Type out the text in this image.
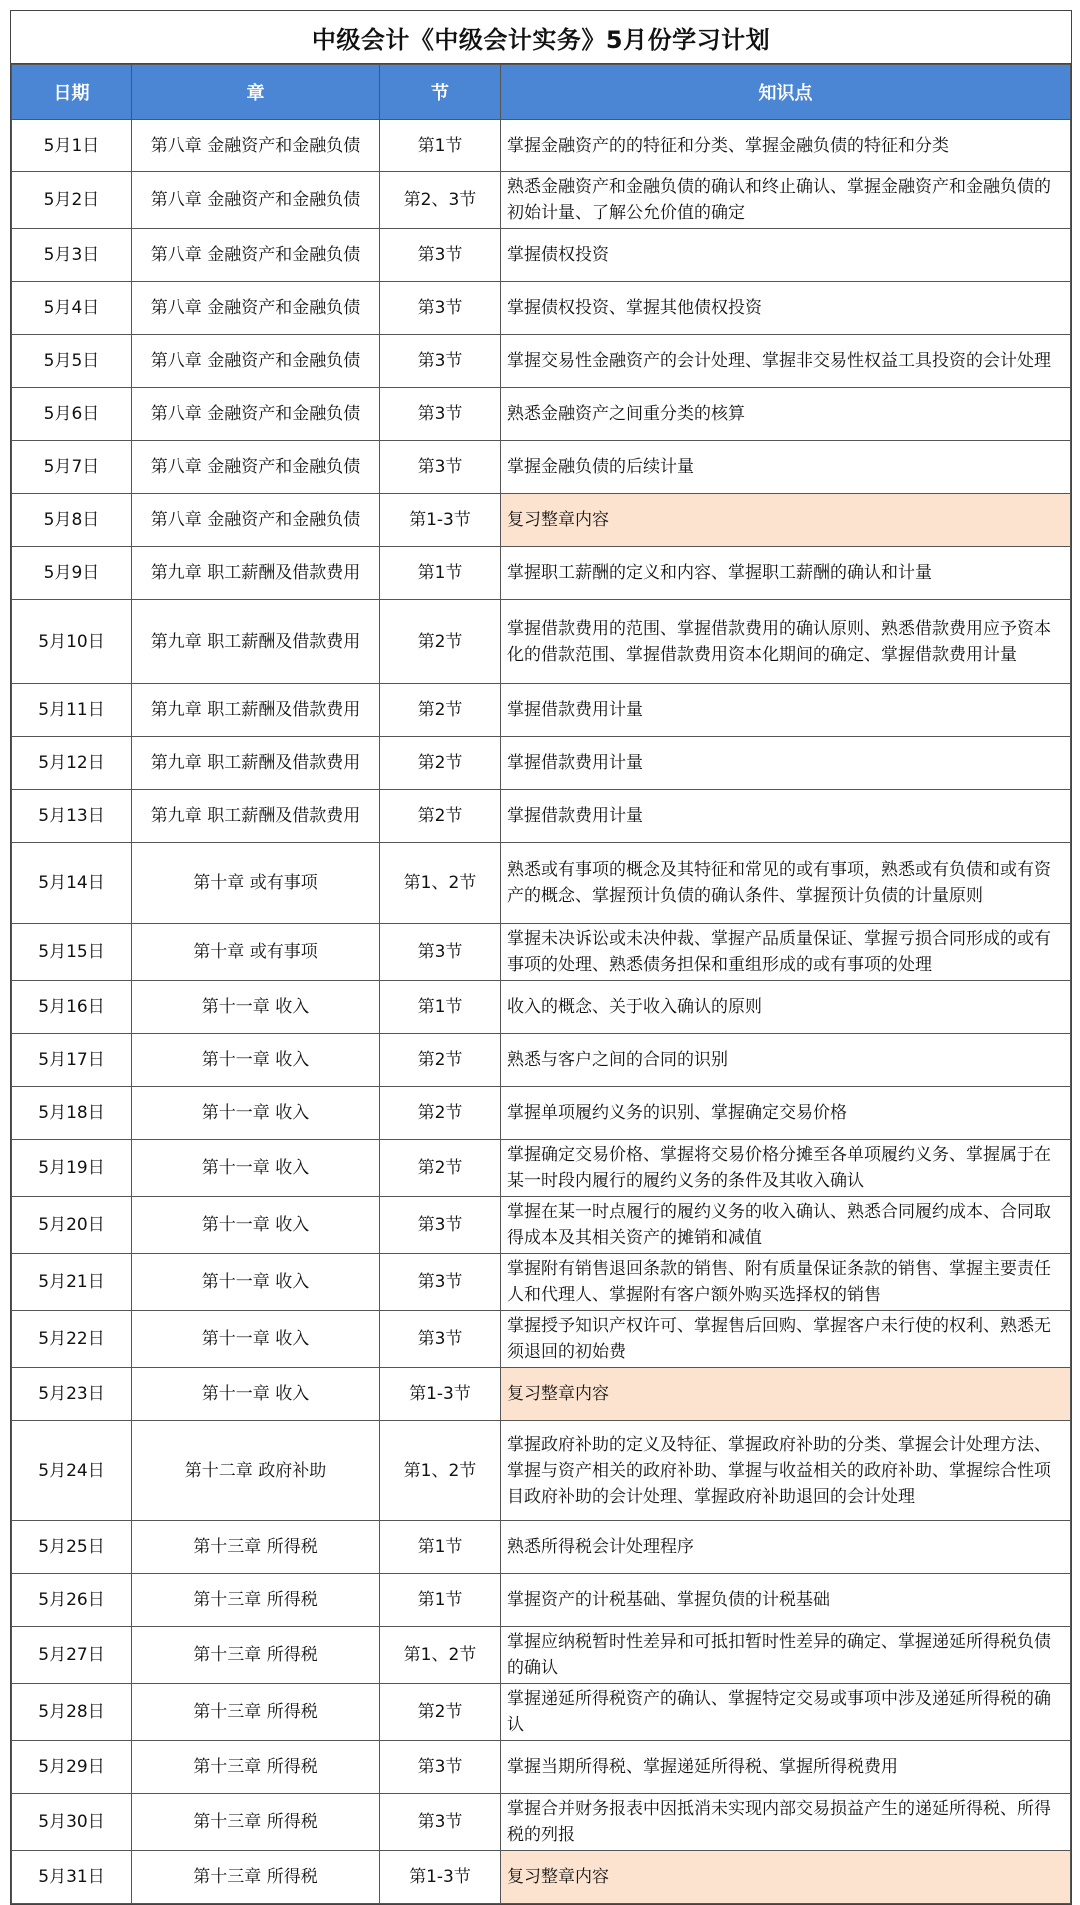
中级会计《中级会计实务》5月份学习计划
日期	章	节	知识点
5月1日	第八章 金融资产和金融负债	第1节	掌握金融资产的的特征和分类、掌握金融负债的特征和分类
5月2日	第八章 金融资产和金融负债	第2、3节	熟悉金融资产和金融负债的确认和终止确认、掌握金融资产和金融负债的初始计量、了解公允价值的确定
5月3日	第八章 金融资产和金融负债	第3节	掌握债权投资
5月4日	第八章 金融资产和金融负债	第3节	掌握债权投资、掌握其他债权投资
5月5日	第八章 金融资产和金融负债	第3节	掌握交易性金融资产的会计处理、掌握非交易性权益工具投资的会计处理
5月6日	第八章 金融资产和金融负债	第3节	熟悉金融资产之间重分类的核算
5月7日	第八章 金融资产和金融负债	第3节	掌握金融负债的后续计量
5月8日	第八章 金融资产和金融负债	第1-3节	复习整章内容
5月9日	第九章 职工薪酬及借款费用	第1节	掌握职工薪酬的定义和内容、掌握职工薪酬的确认和计量
5月10日	第九章 职工薪酬及借款费用	第2节	掌握借款费用的范围、掌握借款费用的确认原则、熟悉借款费用应予资本化的借款范围、掌握借款费用资本化期间的确定、掌握借款费用计量
5月11日	第九章 职工薪酬及借款费用	第2节	掌握借款费用计量
5月12日	第九章 职工薪酬及借款费用	第2节	掌握借款费用计量
5月13日	第九章 职工薪酬及借款费用	第2节	掌握借款费用计量
5月14日	第十章 或有事项	第1、2节	熟悉或有事项的概念及其特征和常见的或有事项，熟悉或有负债和或有资产的概念、掌握预计负债的确认条件、掌握预计负债的计量原则
5月15日	第十章 或有事项	第3节	掌握未决诉讼或未决仲裁、掌握产品质量保证、掌握亏损合同形成的或有事项的处理、熟悉债务担保和重组形成的或有事项的处理
5月16日	第十一章 收入	第1节	收入的概念、关于收入确认的原则
5月17日	第十一章 收入	第2节	熟悉与客户之间的合同的识别
5月18日	第十一章 收入	第2节	掌握单项履约义务的识别、掌握确定交易价格
5月19日	第十一章 收入	第2节	掌握确定交易价格、掌握将交易价格分摊至各单项履约义务、掌握属于在某一时段内履行的履约义务的条件及其收入确认
5月20日	第十一章 收入	第3节	掌握在某一时点履行的履约义务的收入确认、熟悉合同履约成本、合同取得成本及其相关资产的摊销和减值
5月21日	第十一章 收入	第3节	掌握附有销售退回条款的销售、附有质量保证条款的销售、掌握主要责任人和代理人、掌握附有客户额外购买选择权的销售
5月22日	第十一章 收入	第3节	掌握授予知识产权许可、掌握售后回购、掌握客户未行使的权利、熟悉无须退回的初始费
5月23日	第十一章 收入	第1-3节	复习整章内容
5月24日	第十二章 政府补助	第1、2节	掌握政府补助的定义及特征、掌握政府补助的分类、掌握会计处理方法、掌握与资产相关的政府补助、掌握与收益相关的政府补助、掌握综合性项目政府补助的会计处理、掌握政府补助退回的会计处理
5月25日	第十三章 所得税	第1节	熟悉所得税会计处理程序
5月26日	第十三章 所得税	第1节	掌握资产的计税基础、掌握负债的计税基础
5月27日	第十三章 所得税	第1、2节	掌握应纳税暂时性差异和可抵扣暂时性差异的确定、掌握递延所得税负债的确认
5月28日	第十三章 所得税	第2节	掌握递延所得税资产的确认、掌握特定交易或事项中涉及递延所得税的确认
5月29日	第十三章 所得税	第3节	掌握当期所得税、掌握递延所得税、掌握所得税费用
5月30日	第十三章 所得税	第3节	掌握合并财务报表中因抵消未实现内部交易损益产生的递延所得税、所得税的列报
5月31日	第十三章 所得税	第1-3节	复习整章内容
